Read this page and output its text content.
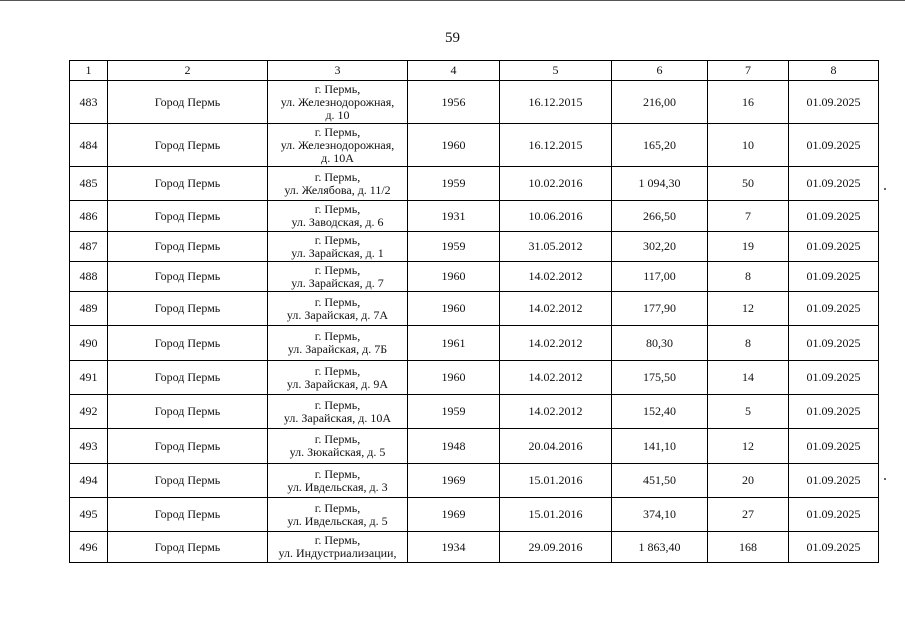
59
1	2	3	4	5	6	7	8
483	Город Пермь	г. Пермь,
ул. Железнодорожная,
д. 10	1956	16.12.2015	216,00	16	01.09.2025
484	Город Пермь	г. Пермь,
ул. Железнодорожная,
д. 10А	1960	16.12.2015	165,20	10	01.09.2025
485	Город Пермь	г. Пермь,
ул. Желябова, д. 11/2	1959	10.02.2016	1 094,30	50	01.09.2025
486	Город Пермь	г. Пермь,
ул. Заводская, д. 6	1931	10.06.2016	266,50	7	01.09.2025
487	Город Пермь	г. Пермь,
ул. Зарайская, д. 1	1959	31.05.2012	302,20	19	01.09.2025
488	Город Пермь	г. Пермь,
ул. Зарайская, д. 7	1960	14.02.2012	117,00	8	01.09.2025
489	Город Пермь	г. Пермь,
ул. Зарайская, д. 7А	1960	14.02.2012	177,90	12	01.09.2025
490	Город Пермь	г. Пермь,
ул. Зарайская, д. 7Б	1961	14.02.2012	80,30	8	01.09.2025
491	Город Пермь	г. Пермь,
ул. Зарайская, д. 9А	1960	14.02.2012	175,50	14	01.09.2025
492	Город Пермь	г. Пермь,
ул. Зарайская, д. 10А	1959	14.02.2012	152,40	5	01.09.2025
493	Город Пермь	г. Пермь,
ул. Зюкайская, д. 5	1948	20.04.2016	141,10	12	01.09.2025
494	Город Пермь	г. Пермь,
ул. Ивдельская, д. 3	1969	15.01.2016	451,50	20	01.09.2025
495	Город Пермь	г. Пермь,
ул. Ивдельская, д. 5	1969	15.01.2016	374,10	27	01.09.2025
496	Город Пермь	г. Пермь,
ул. Индустриализации,	1934	29.09.2016	1 863,40	168	01.09.2025
